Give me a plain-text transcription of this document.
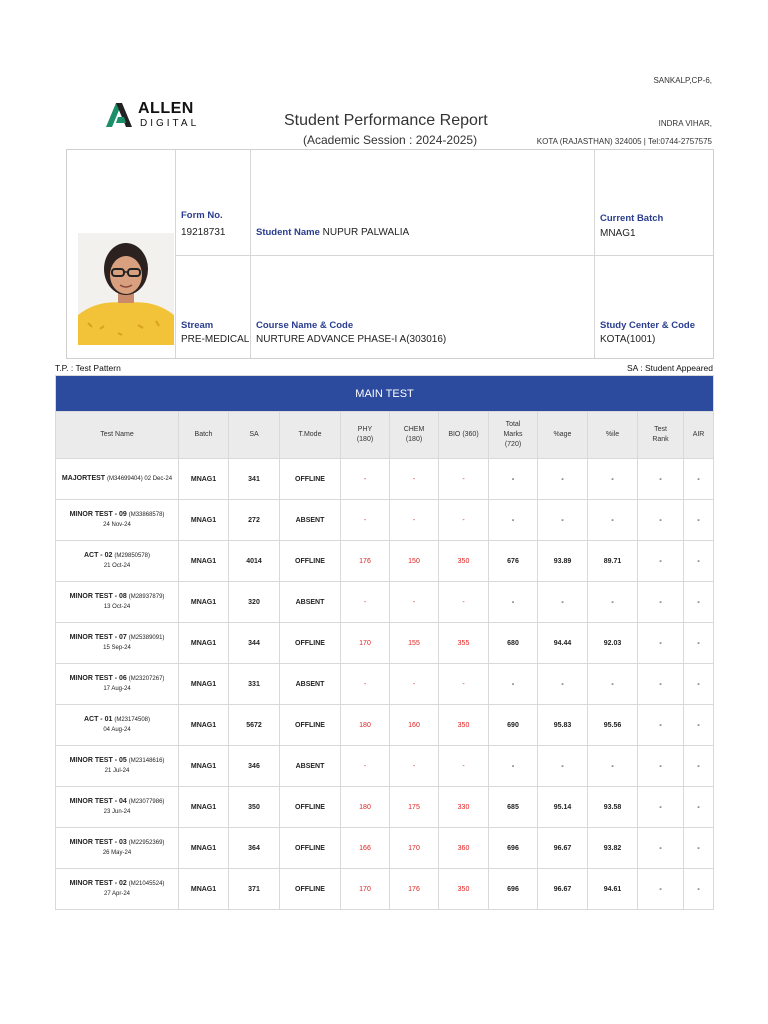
SANKALP,CP-6,
INDRA VIHAR,
KOTA (RAJASTHAN) 324005 | Tel:0744-2757575
ALLEN
DIGITAL	Student Performance Report
(Academic Session : 2024-2025)
Form No.
19218731	Student Name NUPUR PALWALIA
Current Batch
MNAG1
Stream
PRE-MEDICAL
Course Name & Code
NURTURE ADVANCE PHASE-I A(303016)
Study Center & Code
KOTA(1001)
T.P. : Test Pattern	SA : Student Appeared
MAIN TEST											
Test Name	Batch	SA	T.Mode	PHY
(180)	CHEM
(180)	BIO (360)	Total
Marks
(720)	%age	%ile	Test
Rank	AIR
MAJORTEST (M34699404) 02 Dec-24	MNAG1	341	OFFLINE	-	-	-	-	-	-	-	-
MINOR TEST - 09 (M33868578)
24 Nov-24	MNAG1	272	ABSENT	-	-	-	-	-	-	-	-
ACT - 02 (M29850578)
21 Oct-24	MNAG1	4014	OFFLINE	176	150	350	676	93.89	89.71	-	-
MINOR TEST - 08 (M28937879)
13 Oct-24	MNAG1	320	ABSENT	-	-	-	-	-	-	-	-
MINOR TEST - 07 (M25389091)
15 Sep-24	MNAG1	344	OFFLINE	170	155	355	680	94.44	92.03	-	-
MINOR TEST - 06 (M23207267)
17 Aug-24	MNAG1	331	ABSENT	-	-	-	-	-	-	-	-
ACT - 01 (M23174508)
04 Aug-24	MNAG1	5672	OFFLINE	180	160	350	690	95.83	95.56	-	-
MINOR TEST - 05 (M23148616)
21 Jul-24	MNAG1	346	ABSENT	-	-	-	-	-	-	-	-
MINOR TEST - 04 (M23077986)
23 Jun-24	MNAG1	350	OFFLINE	180	175	330	685	95.14	93.58	-	-
MINOR TEST - 03 (M22952369)
26 May-24	MNAG1	364	OFFLINE	166	170	360	696	96.67	93.82	-	-
MINOR TEST - 02 (M21045524)
27 Apr-24	MNAG1	371	OFFLINE	170	176	350	696	96.67	94.61	-	-
